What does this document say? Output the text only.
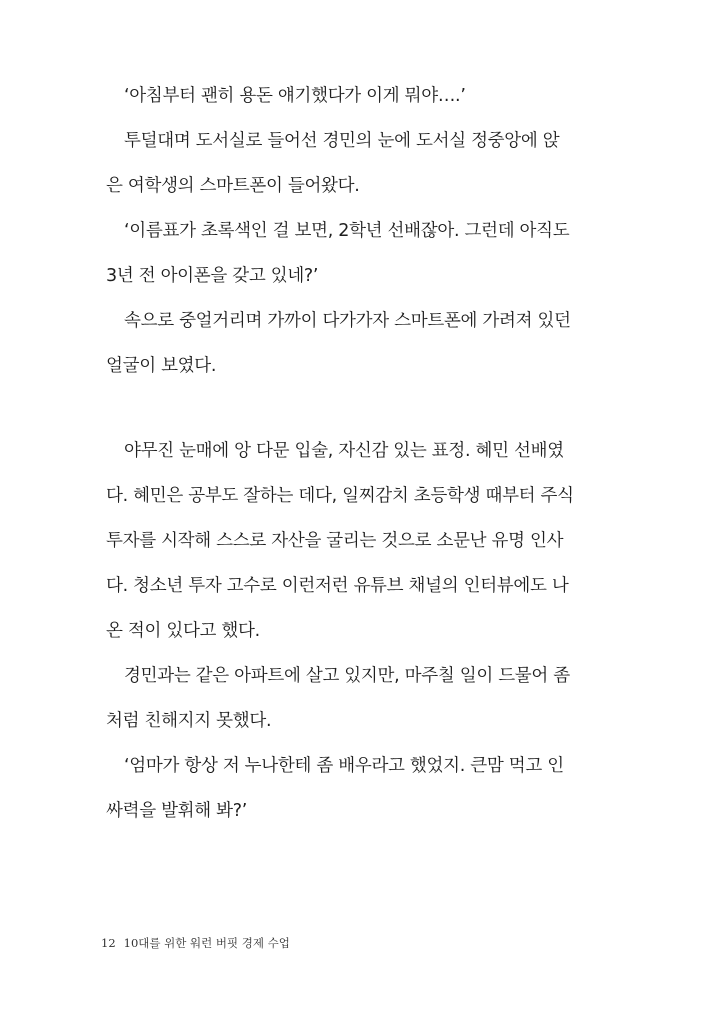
‘아침부터 괜히 용돈 얘기했다가 이게 뭐야….’
투덜대며 도서실로 들어선 경민의 눈에 도서실 정중앙에 앉
은 여학생의 스마트폰이 들어왔다.
‘이름표가 초록색인 걸 보면, 2학년 선배잖아. 그런데 아직도
3년 전 아이폰을 갖고 있네?’
속으로 중얼거리며 가까이 다가가자 스마트폰에 가려져 있던
얼굴이 보였다.
야무진 눈매에 앙 다문 입술, 자신감 있는 표정. 혜민 선배였
다. 혜민은 공부도 잘하는 데다, 일찌감치 초등학생 때부터 주식
투자를 시작해 스스로 자산을 굴리는 것으로 소문난 유명 인사
다. 청소년 투자 고수로 이런저런 유튜브 채널의 인터뷰에도 나
온 적이 있다고 했다.
경민과는 같은 아파트에 살고 있지만, 마주칠 일이 드물어 좀
처럼 친해지지 못했다.
‘엄마가 항상 저 누나한테 좀 배우라고 했었지. 큰맘 먹고 인
싸력을 발휘해 봐?’
12 10대를 위한 워런 버핏 경제 수업
